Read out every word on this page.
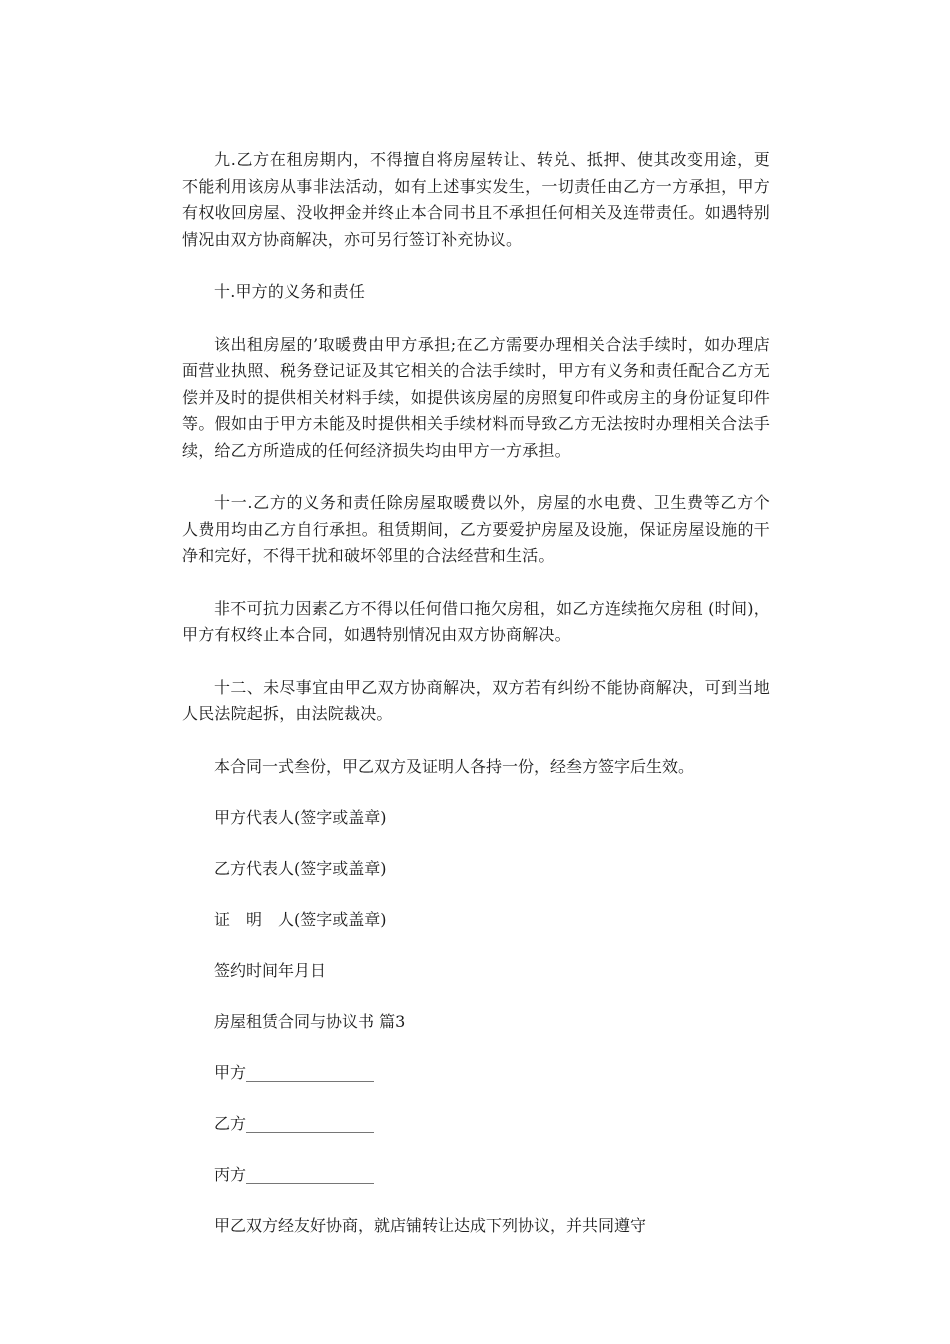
九.乙方在租房期内，不得擅自将房屋转让、转兑、抵押、使其改变用途，更不能利用该房从事非法活动，如有上述事实发生，一切责任由乙方一方承担，甲方有权收回房屋、没收押金并终止本合同书且不承担任何相关及连带责任。如遇特别情况由双方协商解决，亦可另行签订补充协议。

十.甲方的义务和责任

该出租房屋的’取暖费由甲方承担;在乙方需要办理相关合法手续时，如办理店面营业执照、税务登记证及其它相关的合法手续时，甲方有义务和责任配合乙方无偿并及时的提供相关材料手续，如提供该房屋的房照复印件或房主的身份证复印件等。假如由于甲方未能及时提供相关手续材料而导致乙方无法按时办理相关合法手续，给乙方所造成的任何经济损失均由甲方一方承担。

十一.乙方的义务和责任除房屋取暖费以外，房屋的水电费、卫生费等乙方个人费用均由乙方自行承担。租赁期间，乙方要爱护房屋及设施，保证房屋设施的干净和完好，不得干扰和破坏邻里的合法经营和生活。

非不可抗力因素乙方不得以任何借口拖欠房租，如乙方连续拖欠房租 (时间)，甲方有权终止本合同，如遇特别情况由双方协商解决。

十二、未尽事宜由甲乙双方协商解决，双方若有纠纷不能协商解决，可到当地人民法院起拆，由法院裁决。

本合同一式叁份，甲乙双方及证明人各持一份，经叁方签字后生效。

甲方代表人(签字或盖章)

乙方代表人(签字或盖章)

证　明　人(签字或盖章)

签约时间年月日

房屋租赁合同与协议书 篇3

甲方________________

乙方________________

丙方________________

甲乙双方经友好协商，就店铺转让达成下列协议，并共同遵守
